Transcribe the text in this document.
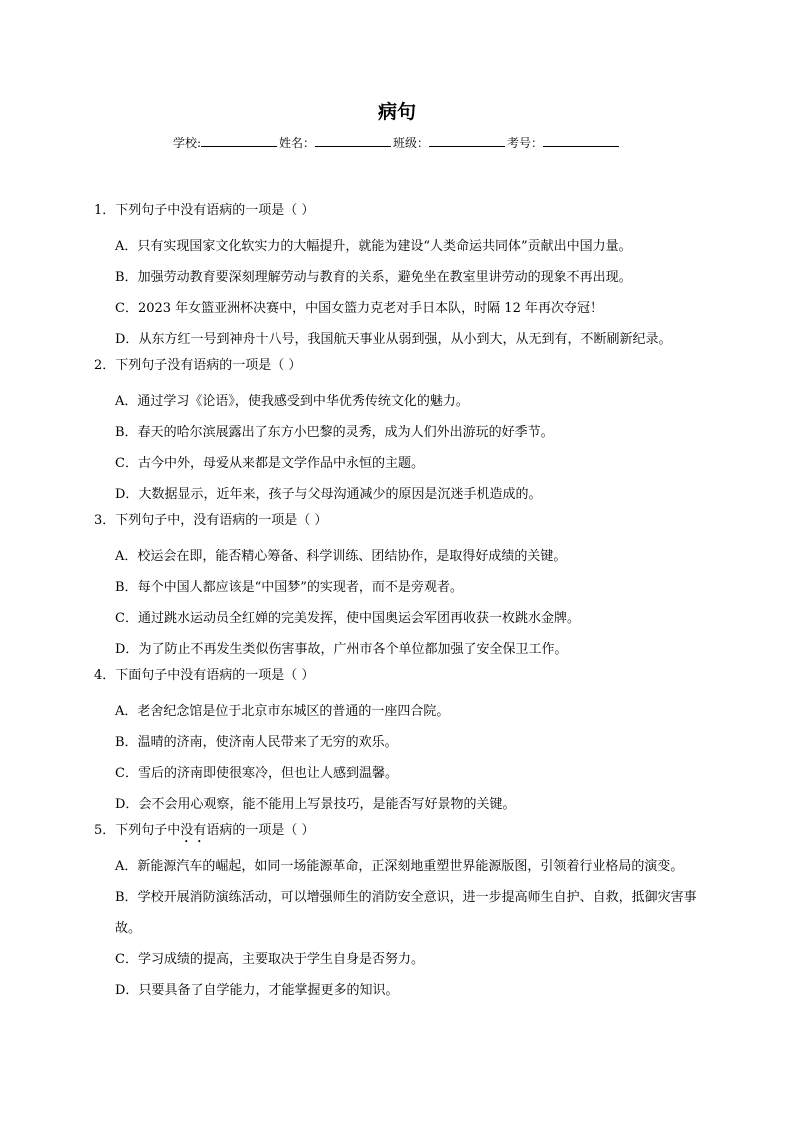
病句
学校:	姓名：	班级：	考号：
1．下列句子中没有语病的一项是（ ）
A．只有实现国家文化软实力的大幅提升，就能为建设“人类命运共同体”贡献出中国力量。
B．加强劳动教育要深刻理解劳动与教育的关系，避免坐在教室里讲劳动的现象不再出现。
C．2023 年女篮亚洲杯决赛中，中国女篮力克老对手日本队，时隔 12 年再次夺冠！
D．从东方红一号到神舟十八号，我国航天事业从弱到强，从小到大，从无到有，不断刷新纪录。
2．下列句子没有语病的一项是（ ）
A．通过学习《论语》，使我感受到中华优秀传统文化的魅力。
B．春天的哈尔滨展露出了东方小巴黎的灵秀，成为人们外出游玩的好季节。
C．古今中外，母爱从来都是文学作品中永恒的主题。
D．大数据显示，近年来，孩子与父母沟通减少的原因是沉迷手机造成的。
3．下列句子中，没有语病的一项是（ ）
A．校运会在即，能否精心筹备、科学训练、团结协作，是取得好成绩的关键。
B．每个中国人都应该是“中国梦”的实现者，而不是旁观者。
C．通过跳水运动员全红婵的完美发挥，使中国奥运会军团再收获一枚跳水金牌。
D．为了防止不再发生类似伤害事故，广州市各个单位都加强了安全保卫工作。
4．下面句子中没有语病的一项是（ ）
A．老舍纪念馆是位于北京市东城区的普通的一座四合院。
B．温晴的济南，使济南人民带来了无穷的欢乐。
C．雪后的济南即使很寒冷，但也让人感到温馨。
D．会不会用心观察，能不能用上写景技巧，是能否写好景物的关键。
5．下列句子中没有语病的一项是（ ）
A．新能源汽车的崛起，如同一场能源革命，正深刻地重塑世界能源版图，引领着行业格局的演变。
B．学校开展消防演练活动，可以增强师生的消防安全意识，进一步提高师生自护、自救，抵御灾害事故。
C．学习成绩的提高，主要取决于学生自身是否努力。
D．只要具备了自学能力，才能掌握更多的知识。
